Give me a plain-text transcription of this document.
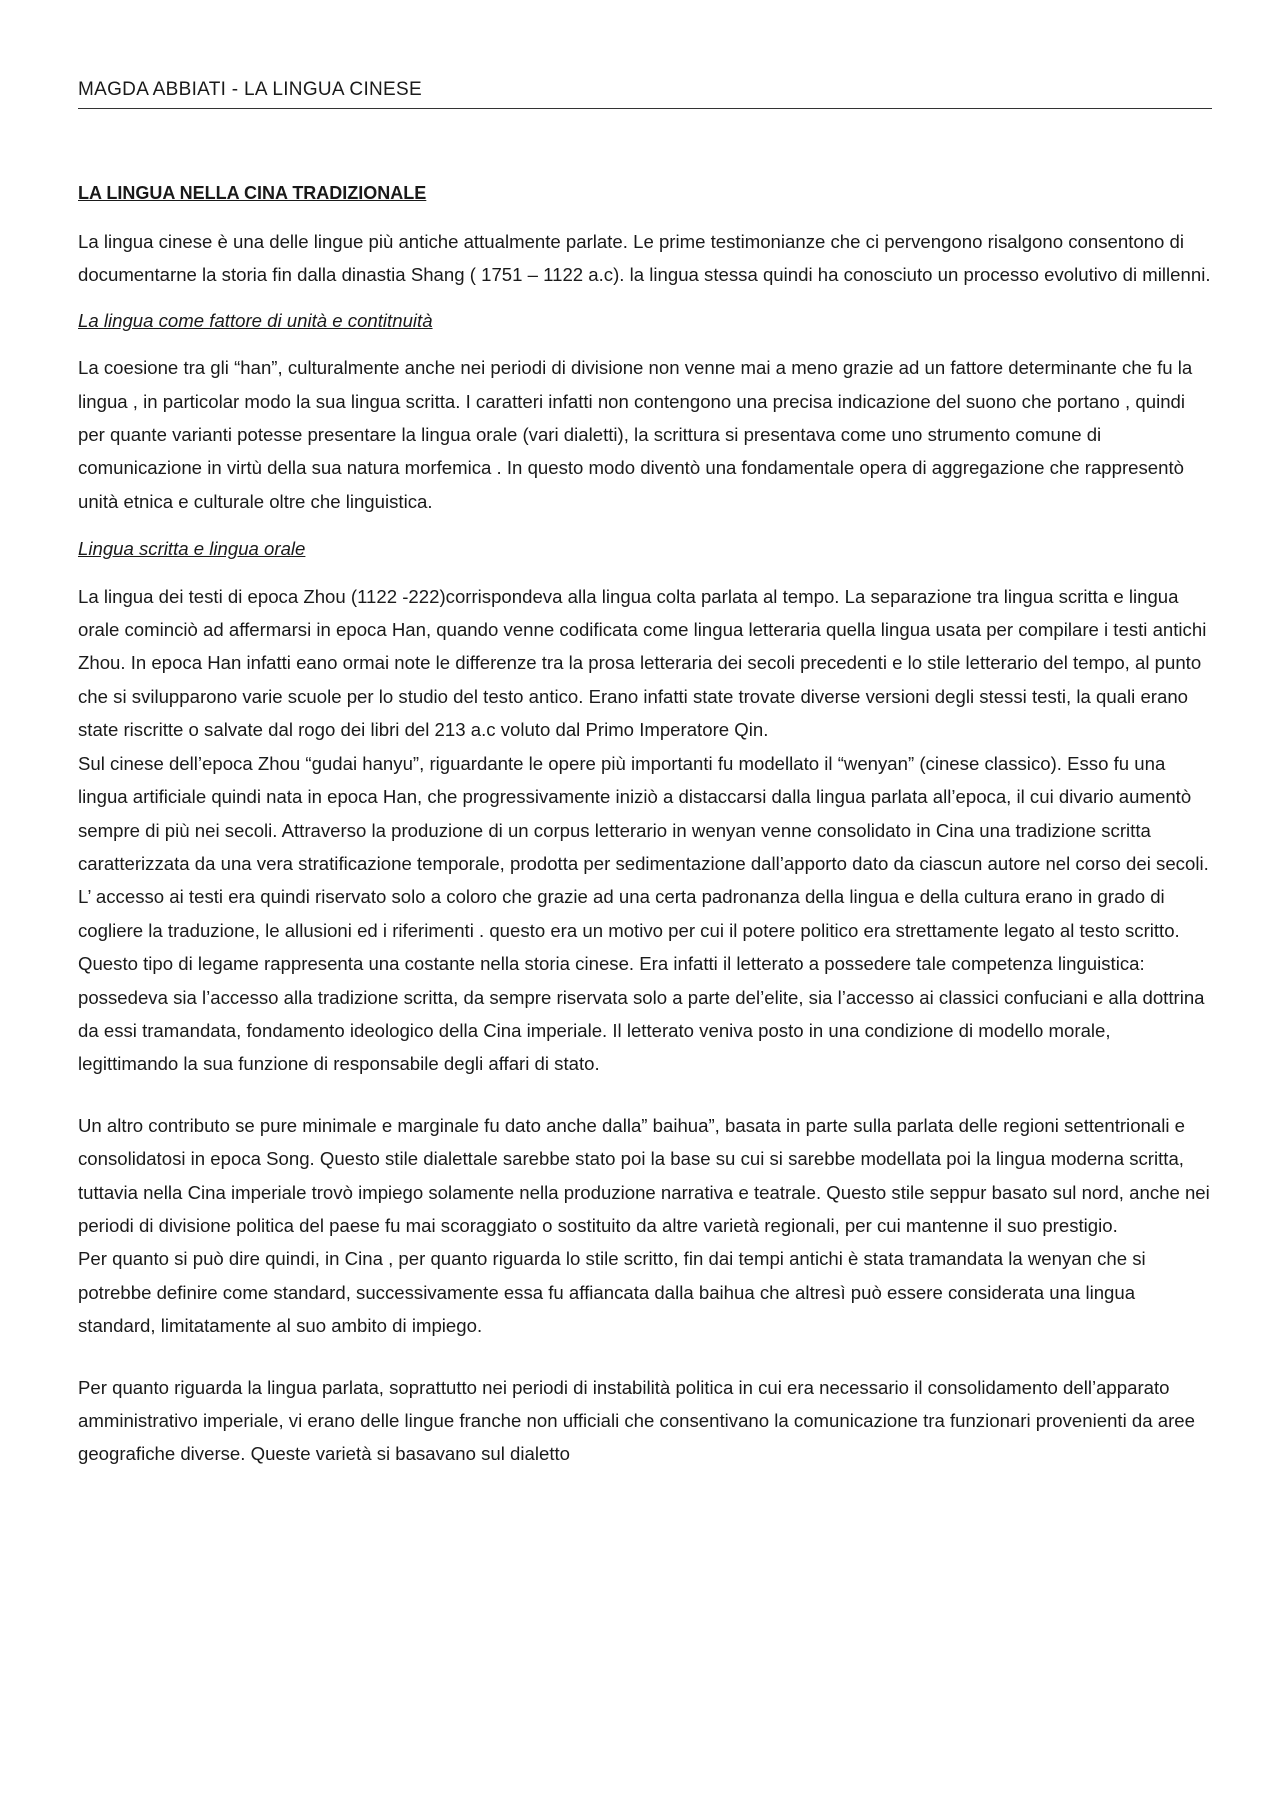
MAGDA ABBIATI - LA LINGUA CINESE
LA LINGUA NELLA CINA TRADIZIONALE

La lingua cinese è una delle lingue più antiche attualmente parlate. Le prime testimonianze che ci pervengono risalgono consentono di documentarne la storia fin dalla dinastia Shang ( 1751 – 1122 a.c). la lingua stessa quindi ha conosciuto un processo evolutivo di millenni.

La lingua come fattore di unità e contitnuità

La coesione tra gli “han”, culturalmente anche nei periodi di divisione non venne mai a meno grazie ad un fattore determinante che fu la lingua , in particolar modo la sua lingua scritta. I caratteri infatti non contengono una precisa indicazione del suono che portano , quindi per quante varianti potesse presentare la lingua orale (vari dialetti), la scrittura si presentava come uno strumento comune di comunicazione in virtù della sua natura morfemica . In questo modo diventò una fondamentale opera di aggregazione che rappresentò unità etnica e culturale oltre che linguistica.

Lingua scritta e lingua orale

La lingua dei testi di epoca Zhou (1122 -222)corrispondeva alla lingua colta parlata al tempo. La separazione tra lingua scritta e lingua orale cominciò ad affermarsi in epoca Han, quando venne codificata come lingua letteraria quella lingua usata per compilare i testi antichi Zhou. In epoca Han infatti eano ormai note le differenze tra la prosa letteraria dei secoli precedenti e lo stile letterario del tempo, al punto che si svilupparono varie scuole per lo studio del testo antico. Erano infatti state trovate diverse versioni degli stessi testi, la quali erano state riscritte o salvate dal rogo dei libri del 213 a.c voluto dal Primo Imperatore Qin.

Sul cinese dell’epoca Zhou “gudai hanyu”, riguardante le opere più importanti fu modellato il “wenyan” (cinese classico). Esso fu una lingua artificiale quindi nata in epoca Han, che progressivamente iniziò a distaccarsi dalla lingua parlata all’epoca, il cui divario aumentò sempre di più nei secoli. Attraverso la produzione di un corpus letterario in wenyan venne consolidato in Cina una tradizione scritta caratterizzata da una vera stratificazione temporale, prodotta per sedimentazione dall’apporto dato da ciascun autore nel corso dei secoli. L’ accesso ai testi era quindi riservato solo a coloro che grazie ad una certa padronanza della lingua e della cultura erano in grado di cogliere la traduzione, le allusioni ed i riferimenti . questo era un motivo per cui il potere politico era strettamente legato al testo scritto. Questo tipo di legame rappresenta una costante nella storia cinese. Era infatti il letterato a possedere tale competenza linguistica: possedeva sia l’accesso alla tradizione scritta, da sempre riservata solo a parte del’elite, sia l’accesso ai classici confuciani e alla dottrina da essi tramandata, fondamento ideologico della Cina imperiale. Il letterato veniva posto in una condizione di modello morale, legittimando la sua funzione di responsabile degli affari di stato.

Un altro contributo se pure minimale e marginale fu dato anche dalla” baihua”, basata in parte sulla parlata delle regioni settentrionali e consolidatosi in epoca Song. Questo stile dialettale sarebbe stato poi la base su cui si sarebbe modellata poi la lingua moderna scritta, tuttavia nella Cina imperiale trovò impiego solamente nella produzione narrativa e teatrale. Questo stile seppur basato sul nord, anche nei periodi di divisione politica del paese fu mai scoraggiato o sostituito da altre varietà regionali, per cui mantenne il suo prestigio.

Per quanto si può dire quindi, in Cina , per quanto riguarda lo stile scritto, fin dai tempi antichi è stata tramandata la wenyan che si potrebbe definire come standard, successivamente essa fu affiancata dalla baihua che altresì può essere considerata una lingua standard, limitatamente al suo ambito di impiego.

Per quanto riguarda la lingua parlata, soprattutto nei periodi di instabilità politica in cui era necessario il consolidamento dell’apparato amministrativo imperiale, vi erano delle lingue franche non ufficiali che consentivano la comunicazione tra funzionari provenienti da aree geografiche diverse. Queste varietà si basavano sul dialetto
